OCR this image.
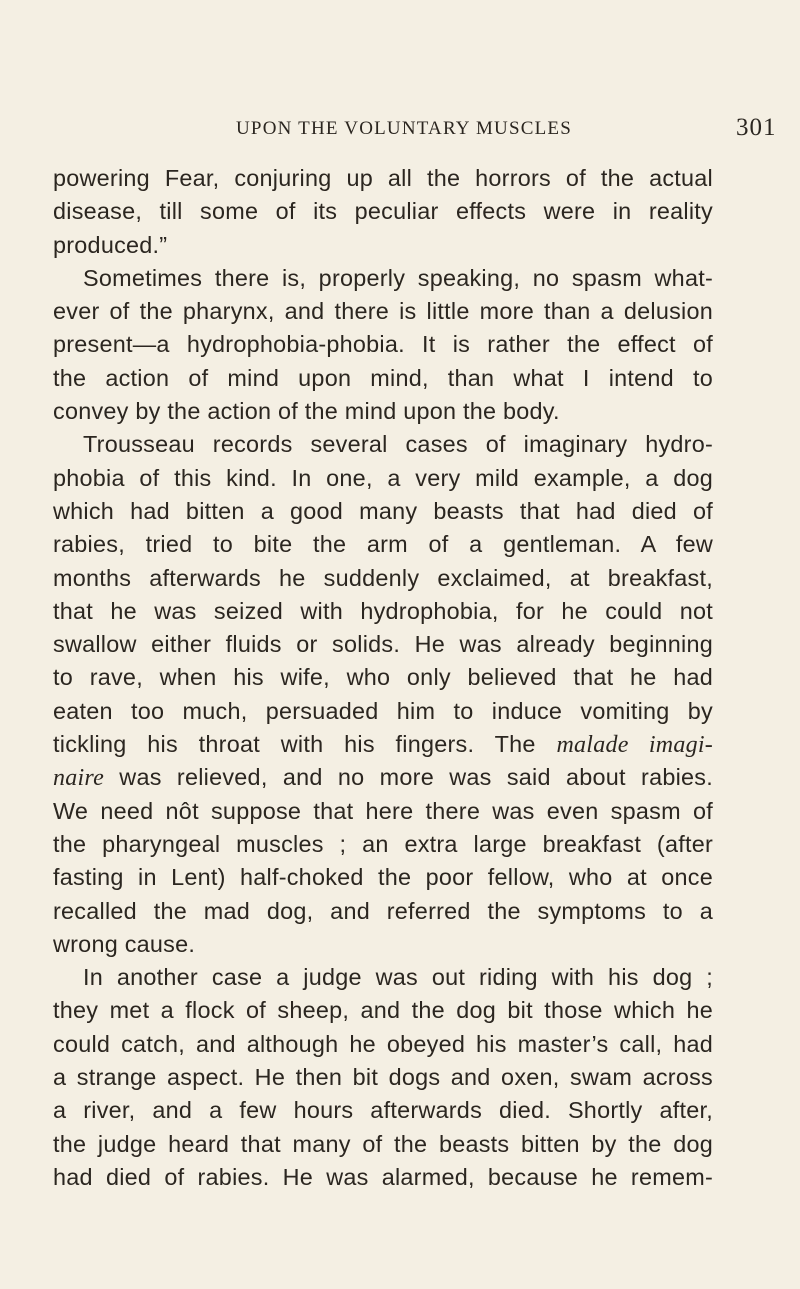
UPON THE VOLUNTARY MUSCLES	301
powering Fear, conjuring up all the horrors of the actual
disease, till some of its peculiar effects were in reality
produced.”
Sometimes there is, properly speaking, no spasm what-
ever of the pharynx, and there is little more than a delusion
present—a hydrophobia-phobia. It is rather the effect of
the action of mind upon mind, than what I intend to
convey by the action of the mind upon the body.
Trousseau records several cases of imaginary hydro-
phobia of this kind. In one, a very mild example, a dog
which had bitten a good many beasts that had died of
rabies, tried to bite the arm of a gentleman. A few
months afterwards he suddenly exclaimed, at breakfast,
that he was seized with hydrophobia, for he could not
swallow either fluids or solids. He was already beginning
to rave, when his wife, who only believed that he had
eaten too much, persuaded him to induce vomiting by
tickling his throat with his fingers. The malade imagi-
naire was relieved, and no more was said about rabies.
We need nôt suppose that here there was even spasm of
the pharyngeal muscles ; an extra large breakfast (after
fasting in Lent) half-choked the poor fellow, who at once
recalled the mad dog, and referred the symptoms to a
wrong cause.
In another case a judge was out riding with his dog ;
they met a flock of sheep, and the dog bit those which he
could catch, and although he obeyed his master’s call, had
a strange aspect. He then bit dogs and oxen, swam across
a river, and a few hours afterwards died. Shortly after,
the judge heard that many of the beasts bitten by the dog
had died of rabies. He was alarmed, because he remem-
